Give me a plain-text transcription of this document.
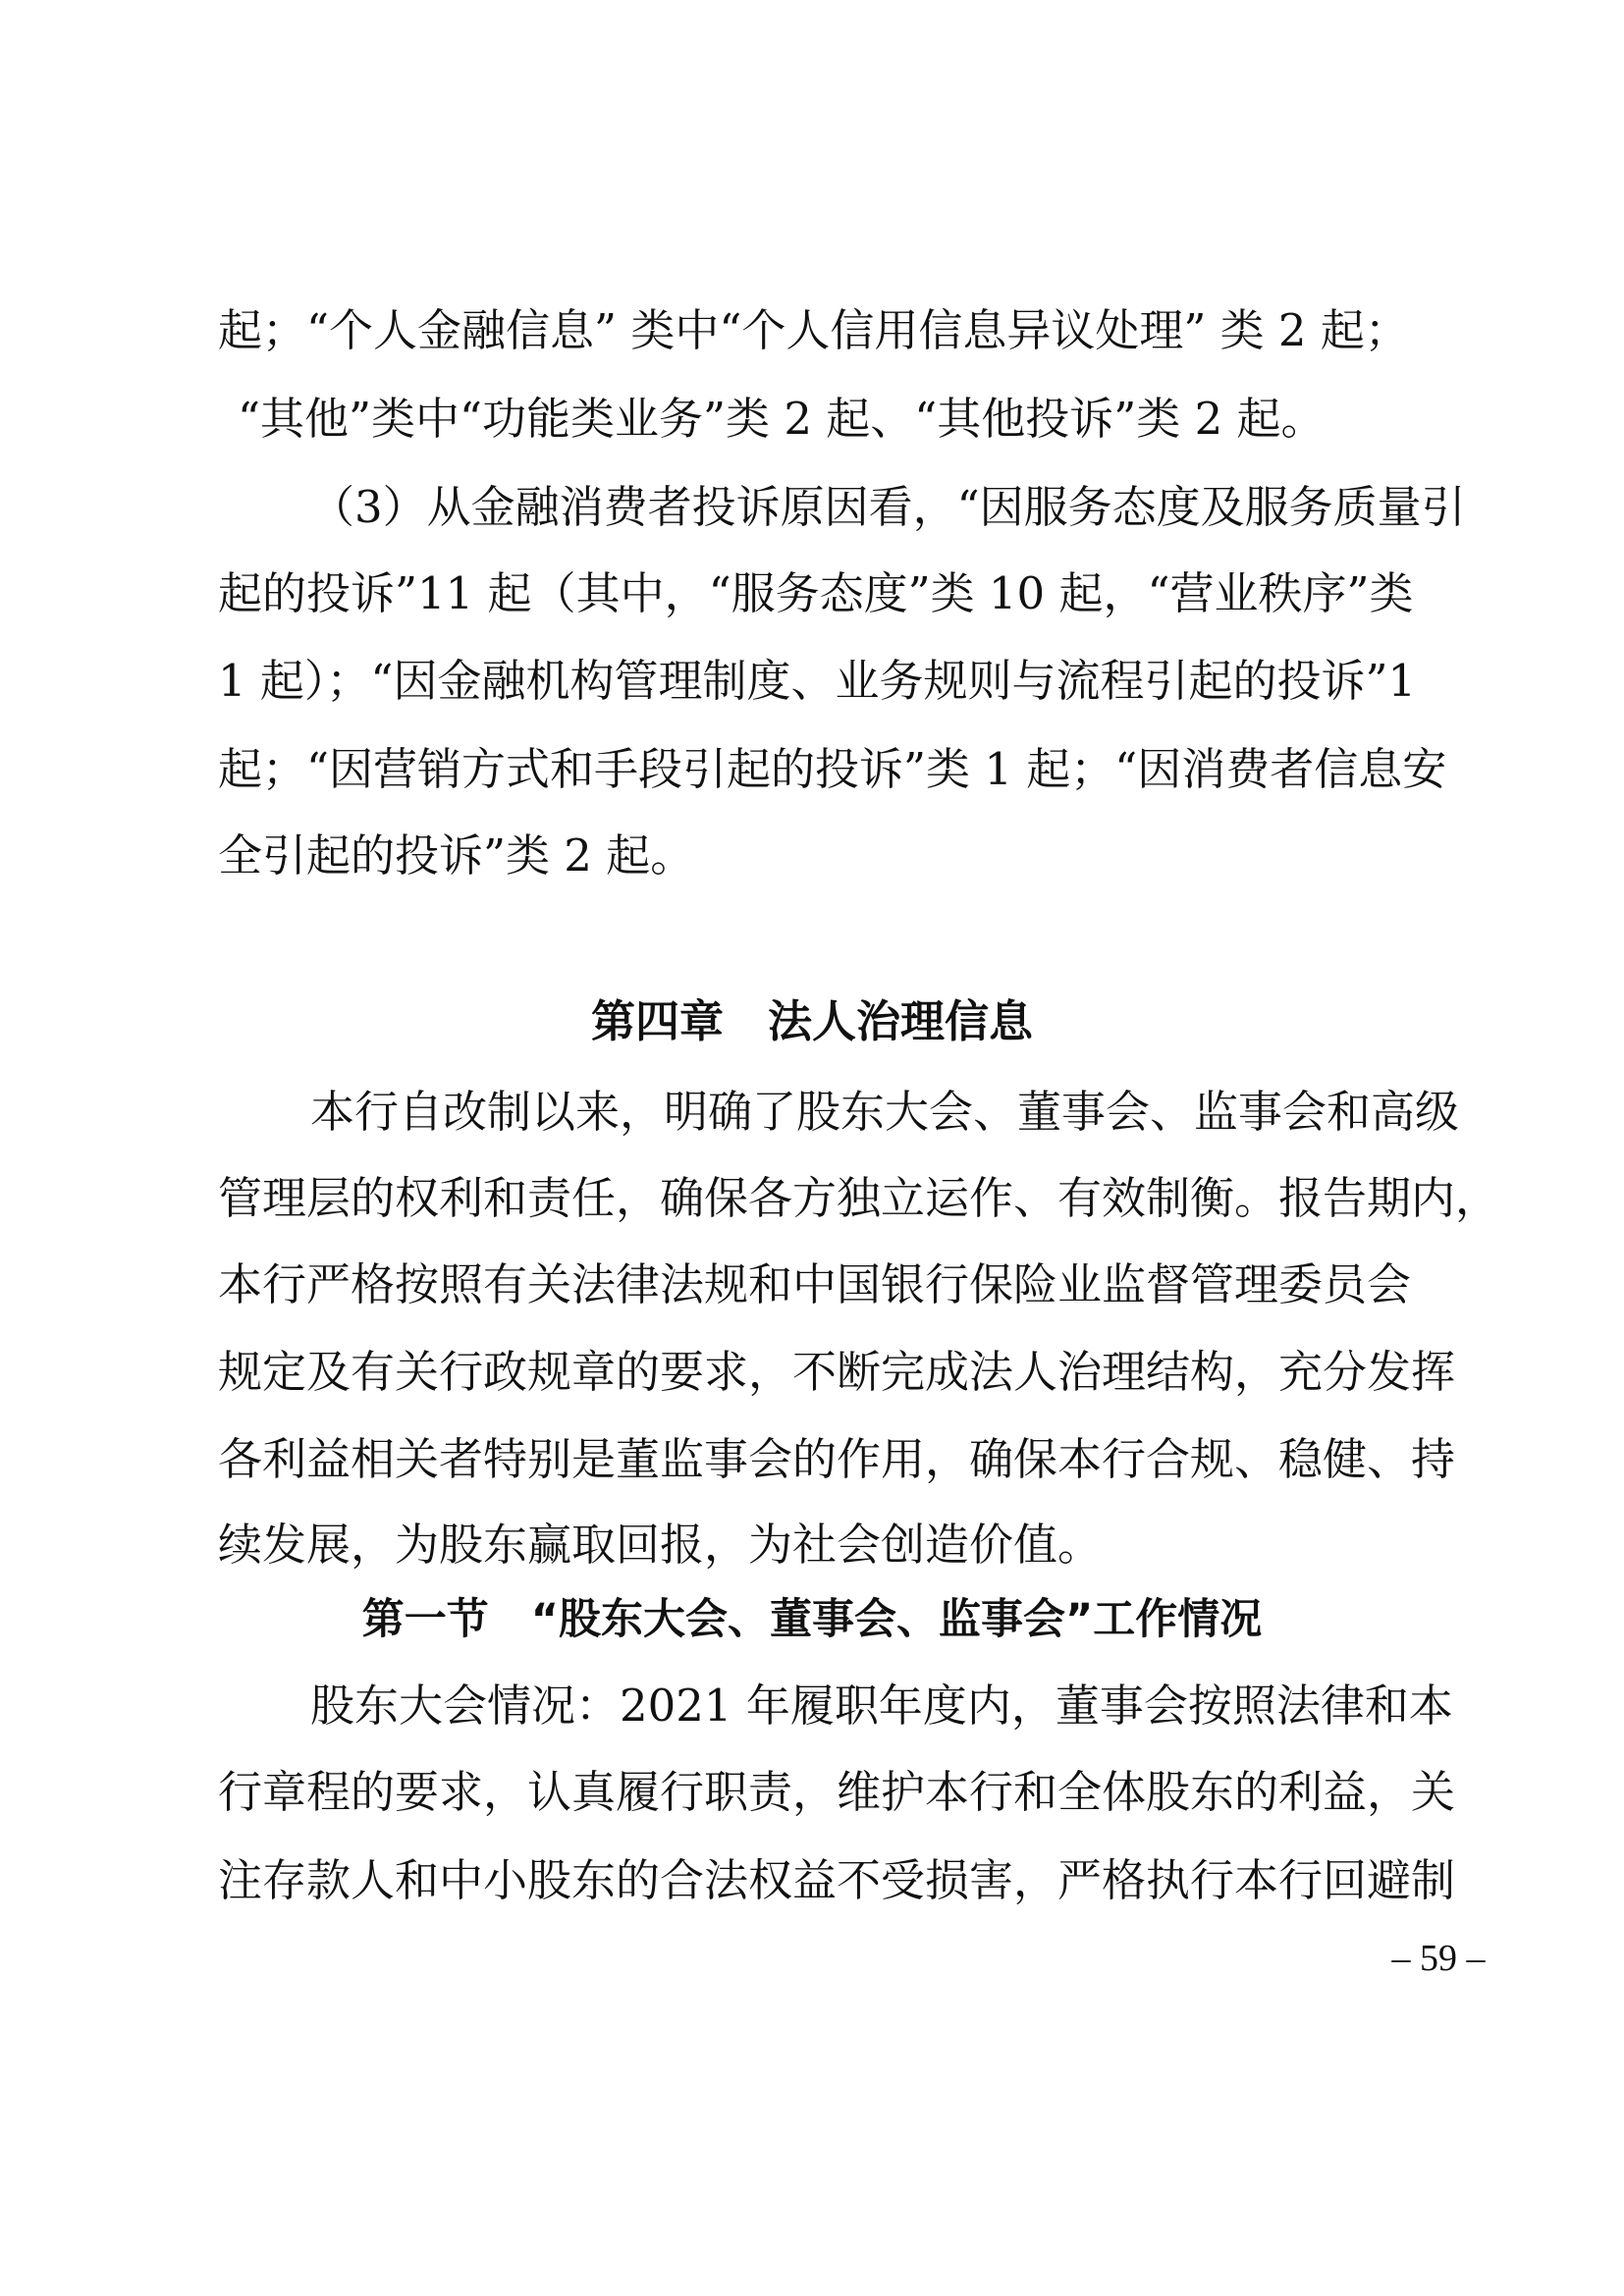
起；“个人金融信息” 类中“个人信用信息异议处理” 类 2 起；
“其他”类中“功能类业务”类 2 起、“其他投诉”类 2 起。
（3）从金融消费者投诉原因看，“因服务态度及服务质量引
起的投诉”11 起（其中，“服务态度”类 10 起，“营业秩序”类
1 起）；“因金融机构管理制度、业务规则与流程引起的投诉”1
起；“因营销方式和手段引起的投诉”类 1 起；“因消费者信息安
全引起的投诉”类 2 起。
第四章　法人治理信息
本行自改制以来，明确了股东大会、董事会、监事会和高级
管理层的权利和责任，确保各方独立运作、有效制衡。报告期内，
本行严格按照有关法律法规和中国银行保险业监督管理委员会
规定及有关行政规章的要求，不断完成法人治理结构，充分发挥
各利益相关者特别是董监事会的作用，确保本行合规、稳健、持
续发展，为股东赢取回报，为社会创造价值。
第一节　“股东大会、董事会、监事会”工作情况
股东大会情况：2021 年履职年度内，董事会按照法律和本
行章程的要求，认真履行职责，维护本行和全体股东的利益，关
注存款人和中小股东的合法权益不受损害，严格执行本行回避制
– 59 –
